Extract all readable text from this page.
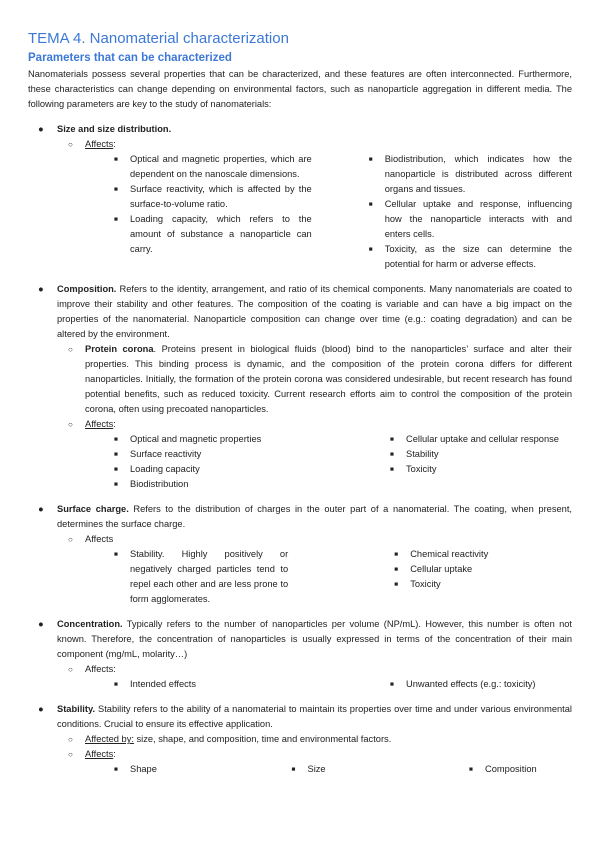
TEMA 4. Nanomaterial characterization
Parameters that can be characterized

Nanomaterials possess several properties that can be characterized, and these features are often interconnected. Furthermore, these characteristics can change depending on environmental factors, such as nanoparticle aggregation in different media. The following parameters are key to the study of nanomaterials:

● Size and size distribution.
○ Affects:
■ Optical and magnetic properties, which are dependent on the nanoscale dimensions.
■ Surface reactivity, which is affected by the surface-to-volume ratio.
■ Loading capacity, which refers to the amount of substance a nanoparticle can carry.
■ Biodistribution, which indicates how the nanoparticle is distributed across different organs and tissues.
■ Cellular uptake and response, influencing how the nanoparticle interacts with and enters cells.
■ Toxicity, as the size can determine the potential for harm or adverse effects.
● Composition. Refers to the identity, arrangement, and ratio of its chemical components. Many nanomaterials are coated to improve their stability and other features. The composition of the coating is variable and can have a big impact on the properties of the nanomaterial. Nanoparticle composition can change over time (e.g.: coating degradation) and can be altered by the environment.

○ Protein corona. Proteins present in biological fluids (blood) bind to the nanoparticles’ surface and alter their properties. This binding process is dynamic, and the composition of the protein corona differs for different nanoparticles. Initially, the formation of the protein corona was considered undesirable, but recent research has found potential benefits, such as reduced toxicity. Current research efforts aim to control the composition of the protein corona, often using precoated nanoparticles.

○ Affects:
■ Optical and magnetic properties
■ Surface reactivity
■ Loading capacity
■ Biodistribution
■ Cellular uptake and cellular response
■ Stability
■ Toxicity
● Surface charge. Refers to the distribution of charges in the outer part of a nanomaterial. The coating, when present, determines the surface charge.

○ Affects
■ Stability. Highly positively or negatively charged particles tend to repel each other and are less prone to form agglomerates.
■ Chemical reactivity
■ Cellular uptake
■ Toxicity
● Concentration. Typically refers to the number of nanoparticles per volume (NP/mL). However, this number is often not known. Therefore, the concentration of nanoparticles is usually expressed in terms of the concentration of their main component (mg/mL, molarity…)

○ Affects:
■ Intended effects	■ Unwanted effects (e.g.: toxicity)
● Stability. Stability refers to the ability of a nanomaterial to maintain its properties over time and under various environmental conditions. Crucial to ensure its effective application.

○ Affected by: size, shape, and composition, time and environmental factors.
○ Affects:
■ Shape	■ Size	■ Composition
